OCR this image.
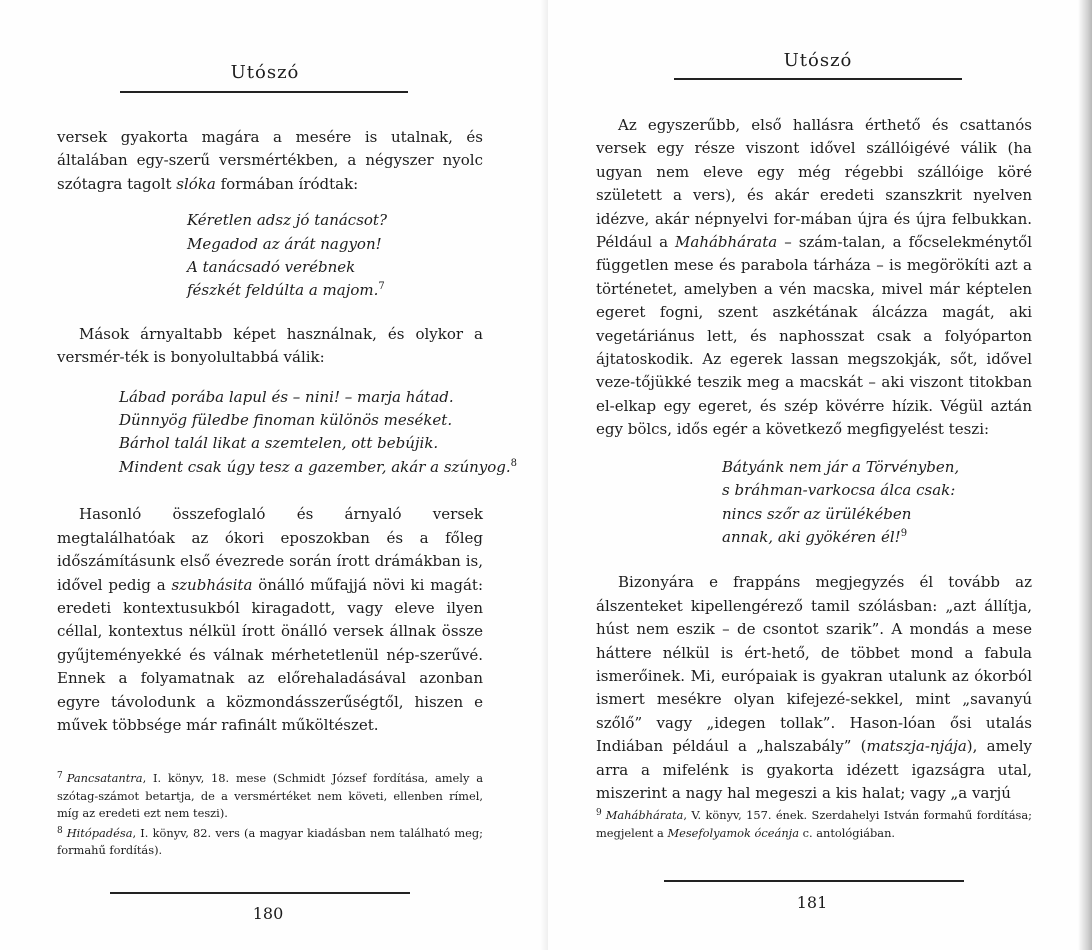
Utószó

versek gyakorta magára a mesére is utalnak, és általában egy-szerű versmértékben, a négyszer nyolc szótagra tagolt slóka formában íródtak:

Kéretlen adsz jó tanácsot?
Megadod az árát nagyon!
A tanácsadó verébnek
fészkét feldúlta a majom.$^7$

Mások árnyaltabb képet használnak, és olykor a versmér-ték is bonyolultabbá válik:

Lábad porába lapul és – nini! – marja hátad.
Dünnyög füledbe finoman különös meséket.
Bárhol talál likat a szemtelen, ott bebújik.
Mindent csak úgy tesz a gazember, akár a szúnyog.$^8$

Hasonló összefoglaló és árnyaló versek megtalálhatóak az ókori eposzokban és a főleg időszámításunk első évezrede során írott drámákban is, idővel pedig a szubhásita önálló műfajjá növi ki magát: eredeti kontextusukból kiragadott, vagy eleve ilyen céllal, kontextus nélkül írott önálló versek állnak össze gyűjteményekké és válnak mérhetetlenül nép-szerűvé. Ennek a folyamatnak az előrehaladásával azonban egyre távolodunk a közmondásszerűségtől, hiszen e művek többsége már rafinált műköltészet.

$^7$ Pancsatantra, I. könyv, 18. mese (Schmidt József fordítása, amely a szótag-számot betartja, de a versmértéket nem követi, ellenben rímel, míg az eredeti ezt nem teszi).

$^8$ Hitópadésa, I. könyv, 82. vers (a magyar kiadásban nem található meg; formahű fordítás).

180
Utószó

Az egyszerűbb, első hallásra érthető és csattanós versek egy része viszont idővel szállóigévé válik (ha ugyan nem eleve egy még régebbi szállóige köré született a vers), és akár eredeti szanszkrit nyelven idézve, akár népnyelvi for-mában újra és újra felbukkan. Például a Mahábhárata – szám-talan, a főcselekménytől független mese és parabola tárháza – is megörökíti azt a történetet, amelyben a vén macska, mivel már képtelen egeret fogni, szent aszkétának álcázza magát, aki vegetáriánus lett, és naphosszat csak a folyóparton ájtatoskodik. Az egerek lassan megszokják, sőt, idővel veze-tőjükké teszik meg a macskát – aki viszont titokban el-elkap egy egeret, és szép kövérre hízik. Végül aztán egy bölcs, idős egér a következő megfigyelést teszi:

Bátyánk nem jár a Törvényben,
s bráhman-varkocsa álca csak:
nincs szőr az ürülékében
annak, aki gyökéren él!$^9$

Bizonyára e frappáns megjegyzés él tovább az álszenteket kipellengérező tamil szólásban: „azt állítja, húst nem eszik – de csontot szarik”. A mondás a mese háttere nélkül is ért-hető, de többet mond a fabula ismerőinek. Mi, európaiak is gyakran utalunk az ókorból ismert mesékre olyan kifejezé-sekkel, mint „savanyú szőlő” vagy „idegen tollak”. Hason-lóan ősi utalás Indiában például a „halszabály” (matszja-njája), amely arra a mifelénk is gyakorta idézett igazságra utal, miszerint a nagy hal megeszi a kis halat; vagy „a varjú

$^9$ Mahábhárata, V. könyv, 157. ének. Szerdahelyi István formahű fordítása; megjelent a Mesefolyamok óceánja c. antológiában.

181
